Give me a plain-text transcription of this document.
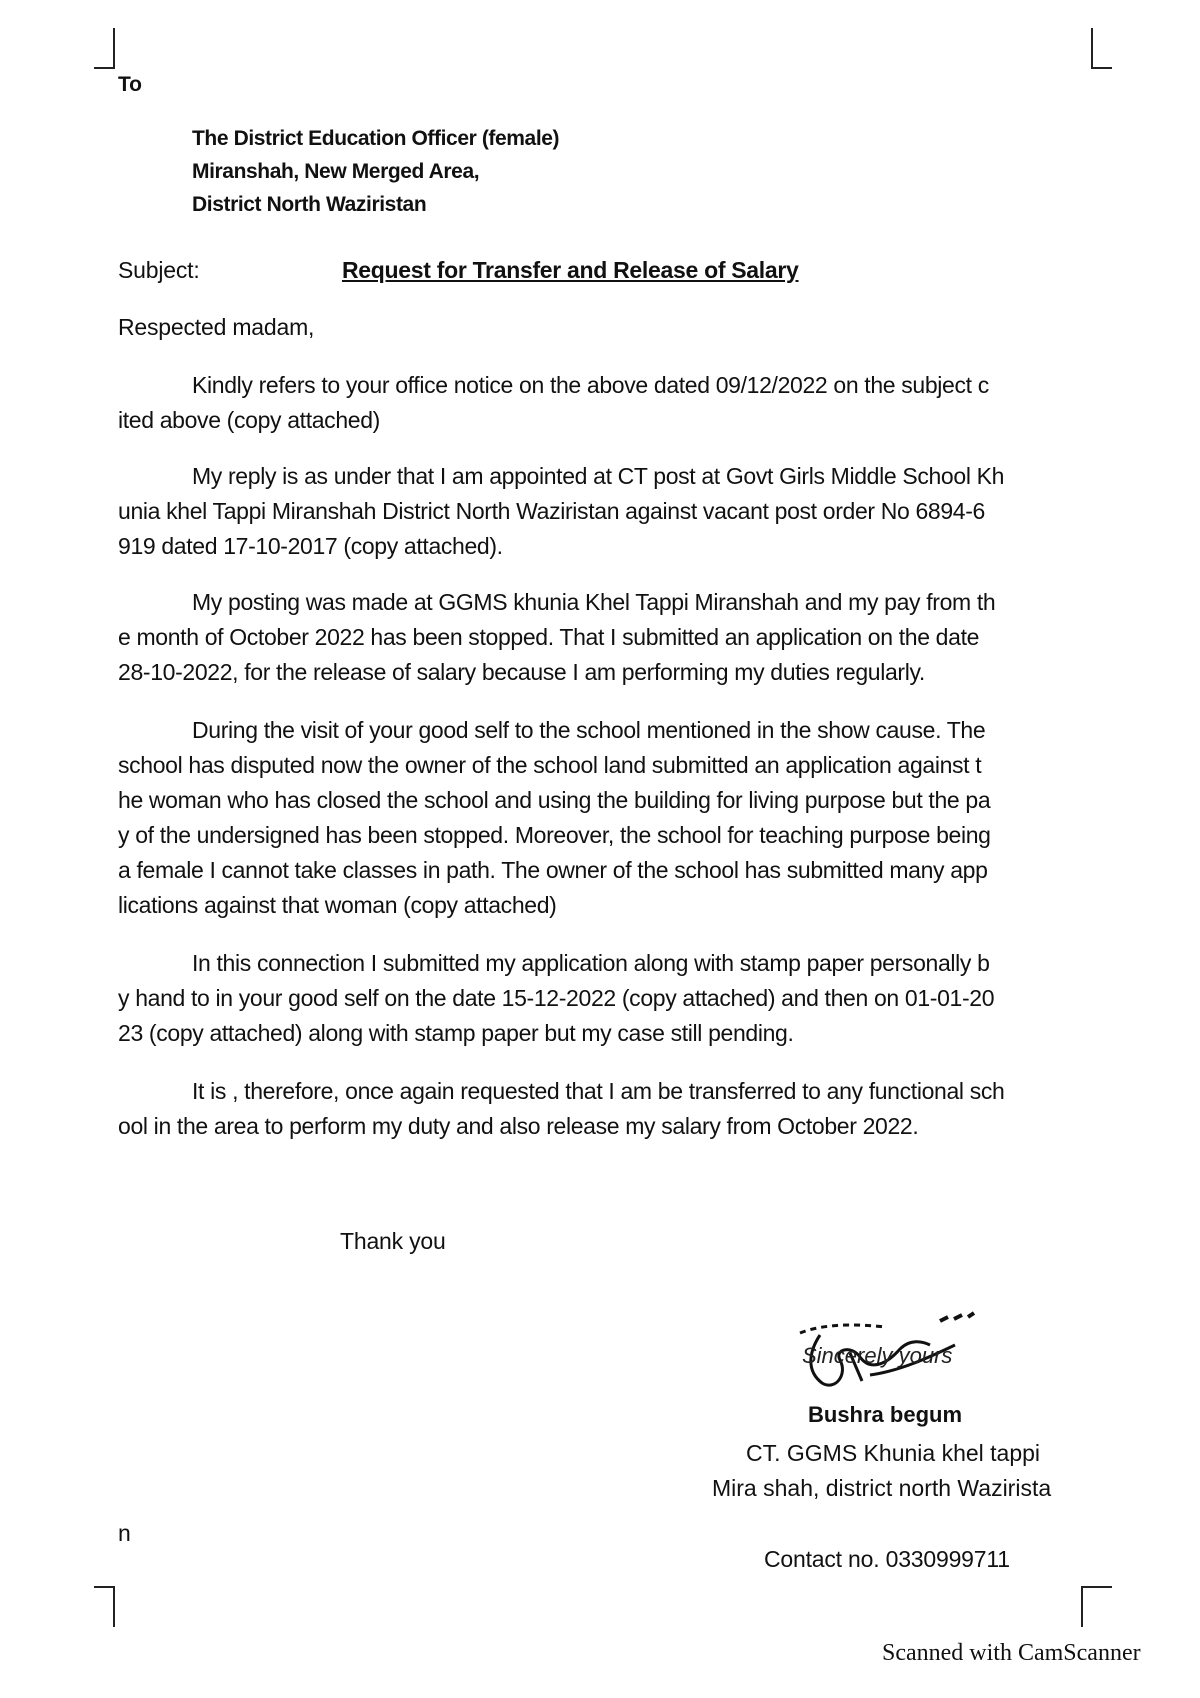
To
The District Education Officer (female)
Miranshah, New Merged Area,
District North Waziristan
Subject:	Request for Transfer and Release of Salary
Respected madam,
Kindly refers to your office notice on the above dated 09/12/2022 on the subject c
ited above (copy attached)
My reply is as under that I am appointed at CT post at Govt Girls Middle School Kh
unia khel Tappi Miranshah District North Waziristan against vacant post order No 6894-6
919 dated 17-10-2017 (copy attached).
My posting was made at GGMS khunia Khel Tappi Miranshah and my pay from th
e month of October 2022 has been stopped. That I submitted an application on the date
28-10-2022, for the release of salary because I am performing my duties regularly.
During the visit of your good self to the school mentioned in the show cause. The
school has disputed now the owner of the school land submitted an application against t
he woman who has closed the school and using the building for living purpose but the pa
y of the undersigned has been stopped. Moreover, the school for teaching purpose being
a female I cannot take classes in path. The owner of the school has submitted many app
lications against that woman (copy attached)
In this connection I submitted my application along with stamp paper personally b
y hand to in your good self on the date 15-12-2022 (copy attached) and then on 01-01-20
23 (copy attached) along with stamp paper but my case still pending.
It is , therefore, once again requested that I am be transferred to any functional sch
ool in the area to perform my duty and also release my salary from October 2022.
Thank you
Sincerely yours
Bushra begum
CT. GGMS Khunia khel tappi
Mira shah, district north Wazirista
n
Contact no. 0330999711
Scanned with CamScanner
